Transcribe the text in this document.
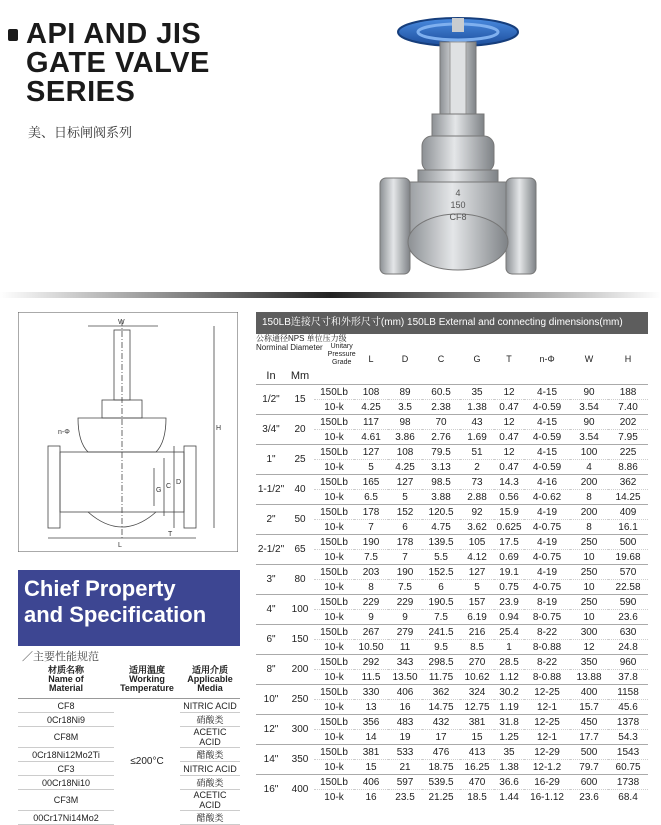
API AND JIS
GATE VALVE
SERIES
美、日标闸阀系列
4
150
CF8
W
L
H
D
C
G
T
n-Φ
Chief Property
and Specification
／主要性能规范
材质名称
Name of
Material	适用温度
Working
Temperature	适用介质
Applicable
Media
CF8	≤200°C	NITRIC ACID
0Cr18Ni9		硝酸类
CF8M		ACETIC ACID
0Cr18Ni12Mo2Ti		醋酸类
CF3		NITRIC ACID
00Cr18Ni10		硝酸类
CF3M		ACETIC ACID
00Cr17Ni14Mo2		醋酸类
150LB连接尺寸和外形尺寸(mm) 150LB External and connecting dimensions(mm)
公称通径NPS 单位压力级
Norminal Diameter Unitary Pressure Grade			L	D	C	G	T	n-Φ	W	H
In	Mm									
1/2"	15	150Lb	108	89	60.5	35	12	4-15	90	188
		10-k	4.25	3.5	2.38	1.38	0.47	4-0.59	3.54	7.40
3/4"	20	150Lb	117	98	70	43	12	4-15	90	202
		10-k	4.61	3.86	2.76	1.69	0.47	4-0.59	3.54	7.95
1"	25	150Lb	127	108	79.5	51	12	4-15	100	225
		10-k	5	4.25	3.13	2	0.47	4-0.59	4	8.86
1-1/2"	40	150Lb	165	127	98.5	73	14.3	4-16	200	362
		10-k	6.5	5	3.88	2.88	0.56	4-0.62	8	14.25
2"	50	150Lb	178	152	120.5	92	15.9	4-19	200	409
		10-k	7	6	4.75	3.62	0.625	4-0.75	8	16.1
2-1/2"	65	150Lb	190	178	139.5	105	17.5	4-19	250	500
		10-k	7.5	7	5.5	4.12	0.69	4-0.75	10	19.68
3"	80	150Lb	203	190	152.5	127	19.1	4-19	250	570
		10-k	8	7.5	6	5	0.75	4-0.75	10	22.58
4"	100	150Lb	229	229	190.5	157	23.9	8-19	250	590
		10-k	9	9	7.5	6.19	0.94	8-0.75	10	23.6
6"	150	150Lb	267	279	241.5	216	25.4	8-22	300	630
		10-k	10.50	11	9.5	8.5	1	8-0.88	12	24.8
8"	200	150Lb	292	343	298.5	270	28.5	8-22	350	960
		10-k	11.5	13.50	11.75	10.62	1.12	8-0.88	13.88	37.8
10"	250	150Lb	330	406	362	324	30.2	12-25	400	1158
		10-k	13	16	14.75	12.75	1.19	12-1	15.7	45.6
12"	300	150Lb	356	483	432	381	31.8	12-25	450	1378
		10-k	14	19	17	15	1.25	12-1	17.7	54.3
14"	350	150Lb	381	533	476	413	35	12-29	500	1543
		10-k	15	21	18.75	16.25	1.38	12-1.2	79.7	60.75
16"	400	150Lb	406	597	539.5	470	36.6	16-29	600	1738
		10-k	16	23.5	21.25	18.5	1.44	16-1.12	23.6	68.4
